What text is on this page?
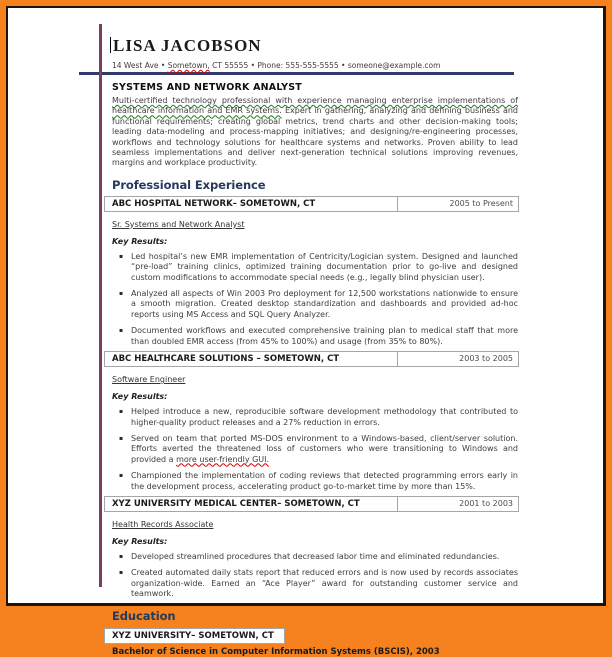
LISA JACOBSON
14 West Ave • Sometown, CT 55555 • Phone: 555-555-5555 • someone@example.com
SYSTEMS AND NETWORK ANALYST

Multi-certified technology professional with experience managing enterprise implementations of healthcare information and EMR systems. Expert in gathering, analyzing and defining business and functional requirements; creating global metrics, trend charts and other decision-making tools; leading data-modeling and process-mapping initiatives; and designing/re-engineering processes, workflows and technology solutions for healthcare systems and networks. Proven ability to lead seamless implementations and deliver next-generation technical solutions improving revenues, margins and workplace productivity.

Professional Experience
ABC HOSPITAL NETWORK– SOMETOWN, CT	2005 to Present
Sr. Systems and Network Analyst
Key Results:
▪ Led hospital’s new EMR implementation of Centricity/Logician system. Designed and launched “pre-load” training clinics, optimized training documentation prior to go-live and designed custom modifications to accommodate special needs (e.g., legally blind physician user).
▪ Analyzed all aspects of Win 2003 Pro deployment for 12,500 workstations nationwide to ensure a smooth migration. Created desktop standardization and dashboards and provided ad-hoc reports using MS Access and SQL Query Analyzer.
▪ Documented workflows and executed comprehensive training plan to medical staff that more than doubled EMR access (from 45% to 100%) and usage (from 35% to 80%).
ABC HEALTHCARE SOLUTIONS – SOMETOWN, CT	2003 to 2005
Software Engineer
Key Results:
▪ Helped introduce a new, reproducible software development methodology that contributed to higher-quality product releases and a 27% reduction in errors.
▪ Served on team that ported MS-DOS environment to a Windows-based, client/server solution. Efforts averted the threatened loss of customers who were transitioning to Windows and provided a more user-friendly GUI.
▪ Championed the implementation of coding reviews that detected programming errors early in the development process, accelerating product go-to-market time by more than 15%.
XYZ UNIVERSITY MEDICAL CENTER– SOMETOWN, CT	2001 to 2003
Health Records Associate
Key Results:
▪ Developed streamlined procedures that decreased labor time and eliminated redundancies.
▪ Created automated daily stats report that reduced errors and is now used by records associates organization-wide. Earned an “Ace Player” award for outstanding customer service and teamwork.
Education
XYZ UNIVERSITY– SOMETOWN, CT
Bachelor of Science in Computer Information Systems (BSCIS), 2003
